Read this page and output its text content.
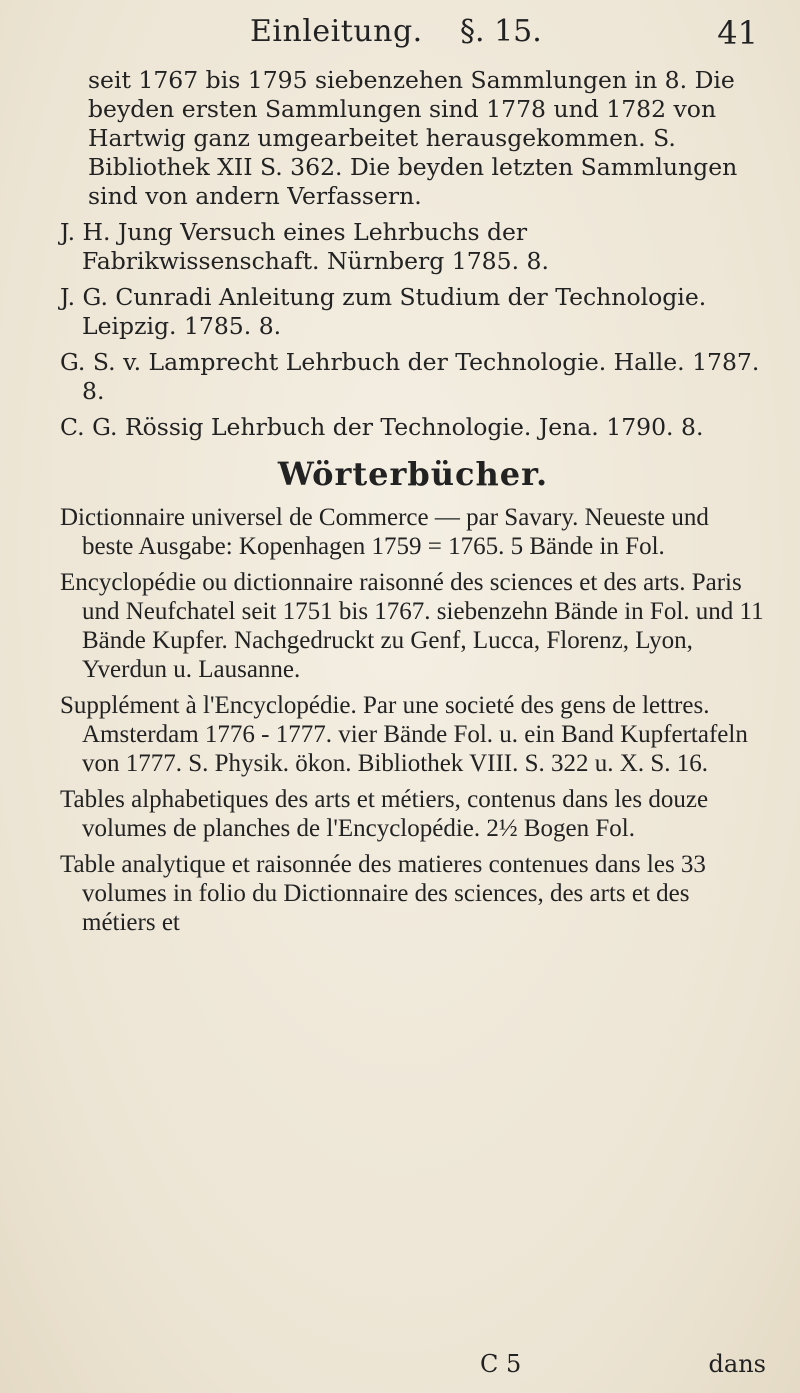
Einleitung. §. 15.	41

seit 1767 bis 1795 siebenzehen Sammlungen in 8. Die beyden ersten Sammlungen sind 1778 und 1782 von Hartwig ganz umgearbeitet herausgekommen. S. Bibliothek XII S. 362. Die beyden letzten Sammlungen sind von andern Verfassern.

J. H. Jung Versuch eines Lehrbuchs der Fabrikwissenschaft. Nürnberg 1785. 8.

J. G. Cunradi Anleitung zum Studium der Technologie. Leipzig. 1785. 8.

G. S. v. Lamprecht Lehrbuch der Technologie. Halle. 1787. 8.

C. G. Rössig Lehrbuch der Technologie. Jena. 1790. 8.

Wörterbücher.

Dictionnaire universel de Commerce — par Savary. Neueste und beste Ausgabe: Kopenhagen 1759 = 1765. 5 Bände in Fol.

Encyclopédie ou dictionnaire raisonné des sciences et des arts. Paris und Neufchatel seit 1751 bis 1767. siebenzehn Bände in Fol. und 11 Bände Kupfer. Nachgedruckt zu Genf, Lucca, Florenz, Lyon, Yverdun u. Lausanne.

Supplément à l'Encyclopédie. Par une societé des gens de lettres. Amsterdam 1776 - 1777. vier Bände Fol. u. ein Band Kupfertafeln von 1777. S. Physik. ökon. Bibliothek VIII. S. 322 u. X. S. 16.

Tables alphabetiques des arts et métiers, contenus dans les douze volumes de planches de l'Encyclopédie. 2½ Bogen Fol.

Table analytique et raisonnée des matieres contenues dans les 33 volumes in folio du Dictionnaire des sciences, des arts et des métiers et

C 5	dans
